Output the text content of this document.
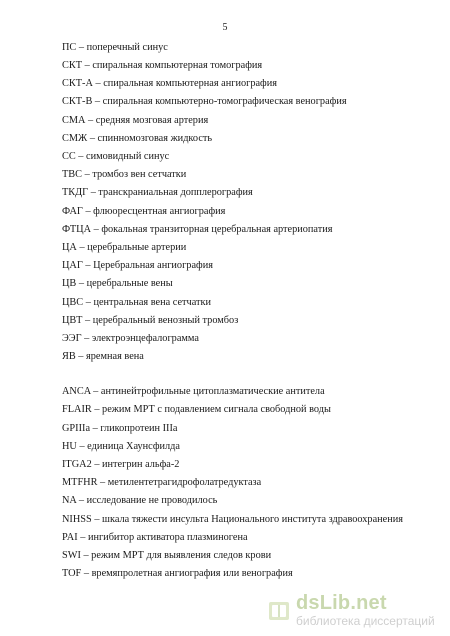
5
ПС – поперечный синус
СКТ – спиральная компьютерная томография
СКТ-А – спиральная компьютерная ангиография
СКТ-В – спиральная компьютерно-томографическая венография
СМА – средняя мозговая артерия
СМЖ – спинномозговая жидкость
СС – симовидный синус
ТВС – тромбоз вен сетчатки
ТКДГ – транскраниальная допплерография
ФАГ – флюоресцентная ангиография
ФТЦА – фокальная транзиторная церебральная артериопатия
ЦА – церебральные артерии
ЦАГ – Церебральная ангиография
ЦВ – церебральные вены
ЦВС – центральная вена сетчатки
ЦВТ – церебральный венозный тромбоз
ЭЭГ – электроэнцефалограмма
ЯВ – яремная вена
ANCA – антинейтрофильные цитоплазматические антитела
FLAIR – режим МРТ с подавлением сигнала свободной воды
GPIIIa – гликопротеин IIIa
HU – единица Хаунсфилда
ITGA2 – интегрин альфа-2
MTFHR – метилентетрагидрофолатредуктаза
NA – исследование не проводилось
NIHSS – шкала тяжести инсульта Национального института здравоохранения
PAI – ингибитор активатора плазминогена
SWI – режим МРТ для выявления следов крови
TOF – времяпролетная ангиография или венография
dsLib.net
библиотека диссертаций
